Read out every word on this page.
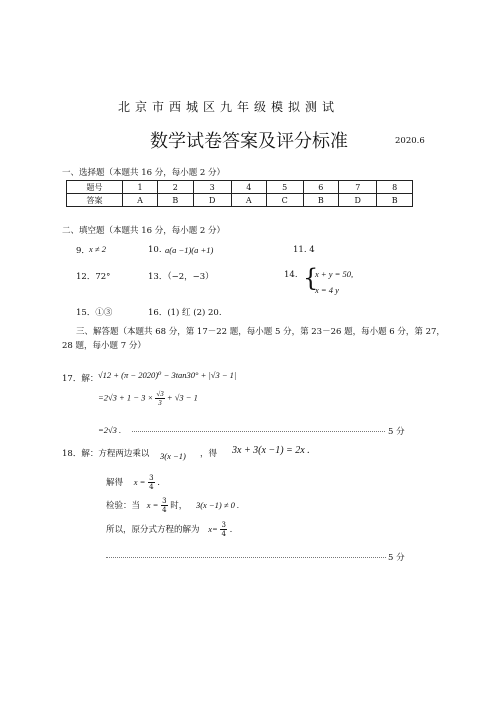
北京市西城区九年级模拟测试
数学试卷答案及评分标准	2020.6
一、选择题（本题共 16 分，每小题 2 分）
题号	1	2	3	4	5	6	7	8
答案	A	B	D	A	C	B	D	B
二、填空题（本题共 16 分，每小题 2 分）
9． x ≠ 2	10. a(a −1)(a +1)	11. 4
12．72°	13．（−2，−3）	14. {
x + y = 50,
x = 4 y
15．①③	16．(1) 红 (2) 20.
三、解答题（本题共 68 分，第 17－22 题，每小题 5 分，第 23－26 题，每小题 6 分，第 27，
28 题，每小题 7 分）
17．解： √12 + (π − 2020)⁰ − 3tan30° + |√3 − 1|
$=2√3 + 1 - 3 \times \frac{√3}{3} + √3 - 1$
=2√3 .	5 分
18．解：方程两边乘以 3(x −1) ，得 3x + 3(x −1) = 2x .
解得 $x = \frac{3}{4}$ .
检验：当 $x = \frac{3}{4}$ 时， 3(x −1) ≠ 0 .
所以，原分式方程的解为 $x= \frac{3}{4}$ .
5 分
